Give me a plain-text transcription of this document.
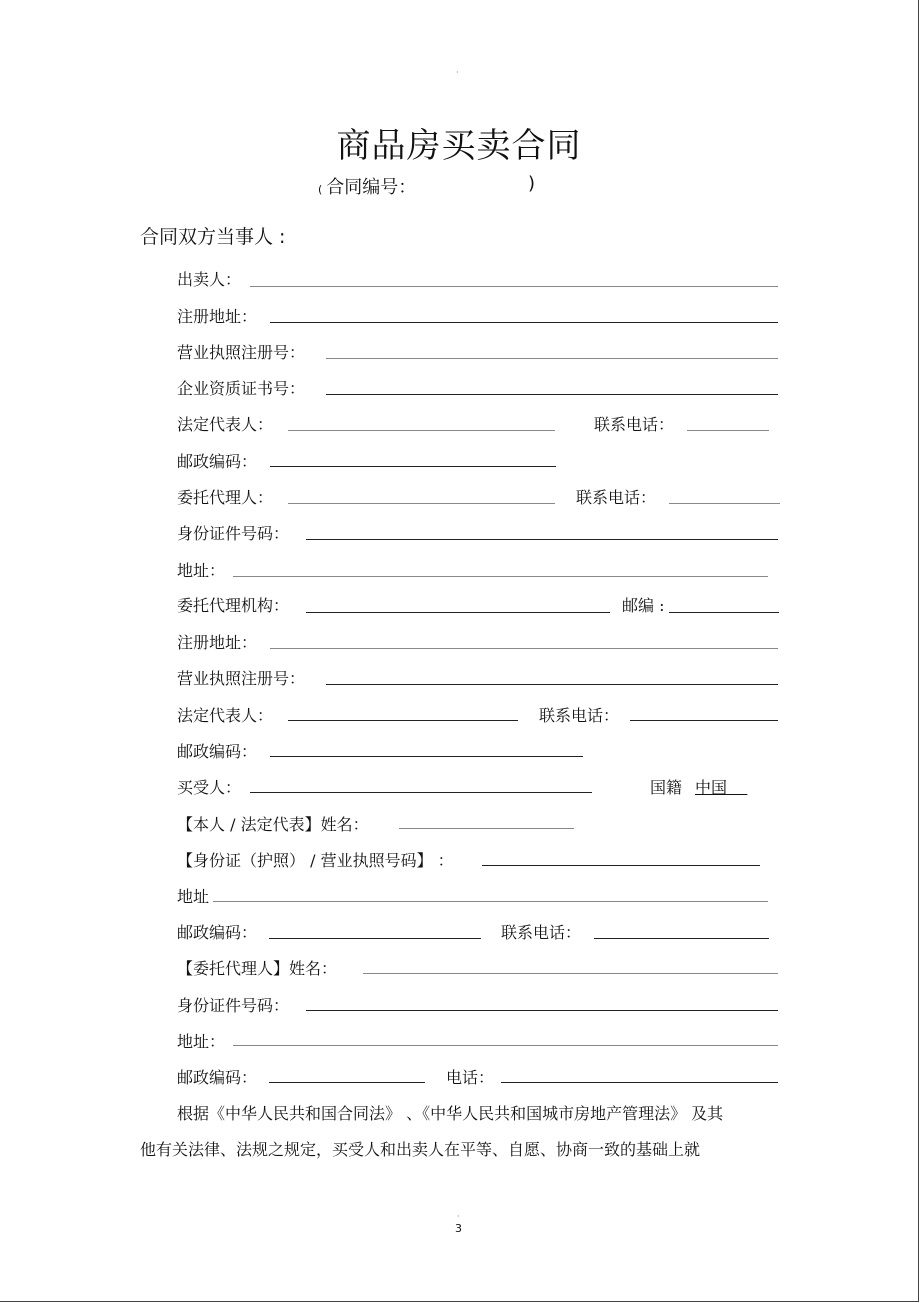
·
商品房买卖合同
( 合同编号：	)
合同双方当事人 :
出卖人：
注册地址：
营业执照注册号：
企业资质证书号：
法定代表人：	联系电话：
邮政编码：
委托代理人：	联系电话：
身份证件号码：
地址：
委托代理机构：	邮编 :
注册地址：
营业执照注册号：
法定代表人：	联系电话：
邮政编码：
买受人：	国籍 中国
【本人 / 法定代表】姓名：
【身份证（护照） / 营业执照号码】 ：
地址
邮政编码：	联系电话：
【委托代理人】姓名：
身份证件号码：
地址：
邮政编码：	电话：
根据《中华人民共和国合同法》 、《中华人民共和国城市房地产管理法》 及其
他有关法律、法规之规定，买受人和出卖人在平等、自愿、协商一致的基础上就
·
3
